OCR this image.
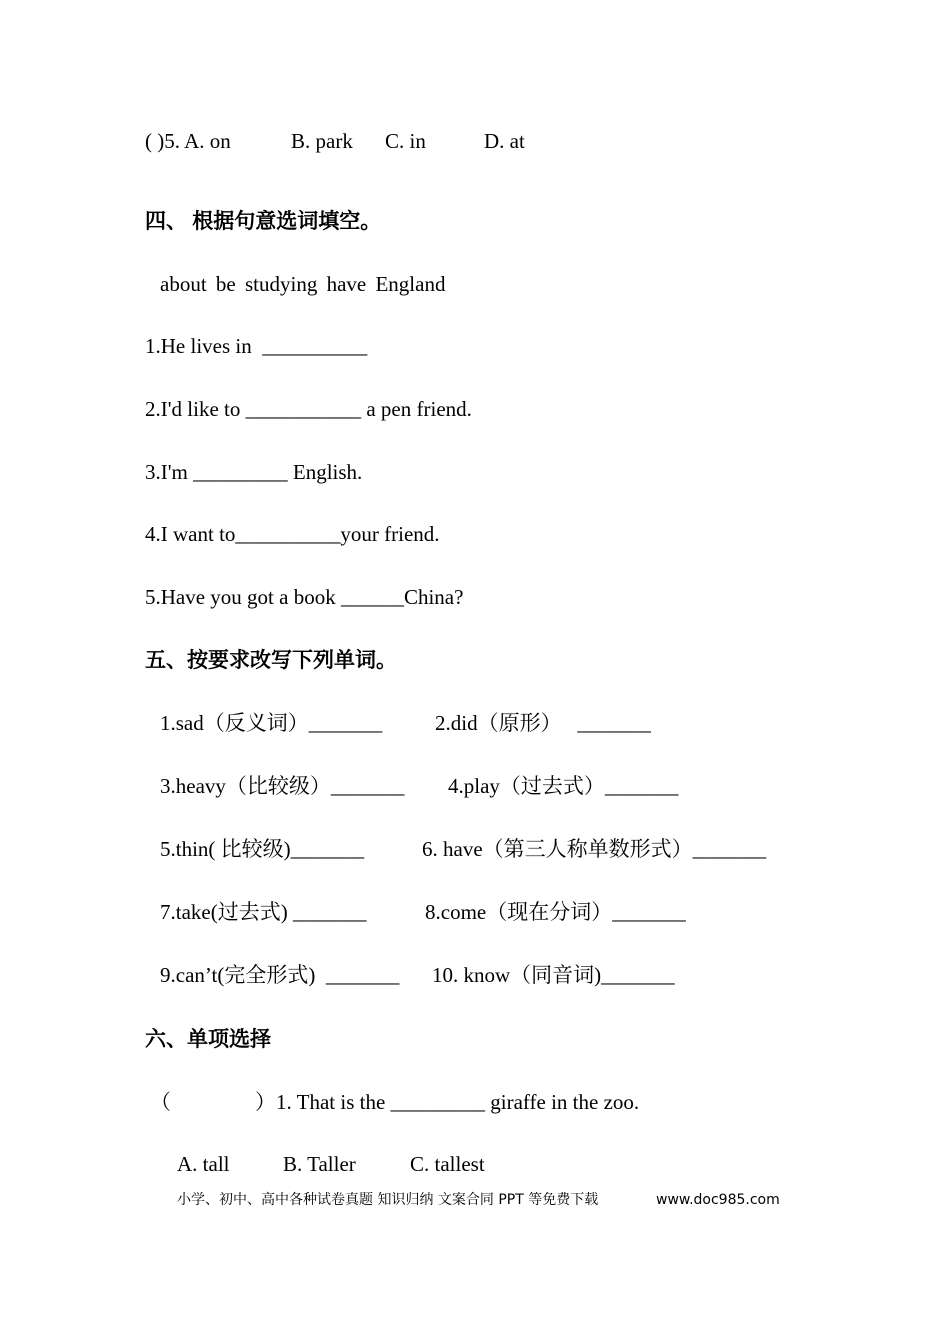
( )5. A. on	B. park C. in	D. at
四、 根据句意选词填空。
about be studying have England
1.He lives in  __________
2.I'd like to ___________ a pen friend.
3.I'm _________ English.
4.I want to__________your friend.
5.Have you got a book ______China?
五、按要求改写下列单词。
1.sad（反义词）_______	2.did（原形）   _______
3.heavy（比较级）_______ 4.play（过去式）_______
5.thin( 比较级)_______	6. have（第三人称单数形式）_______
7.take(过去式) _______	8.come（现在分词）_______
9.can’t(完全形式)  _______ 10. know（同音词)_______
六、单项选择
（	）1. That is the _________ giraffe in the zoo.
A. tall	B. Taller	C. tallest
小学、初中、高中各种试卷真题 知识归纳 文案合同 PPT 等免费下载	www.doc985.com
